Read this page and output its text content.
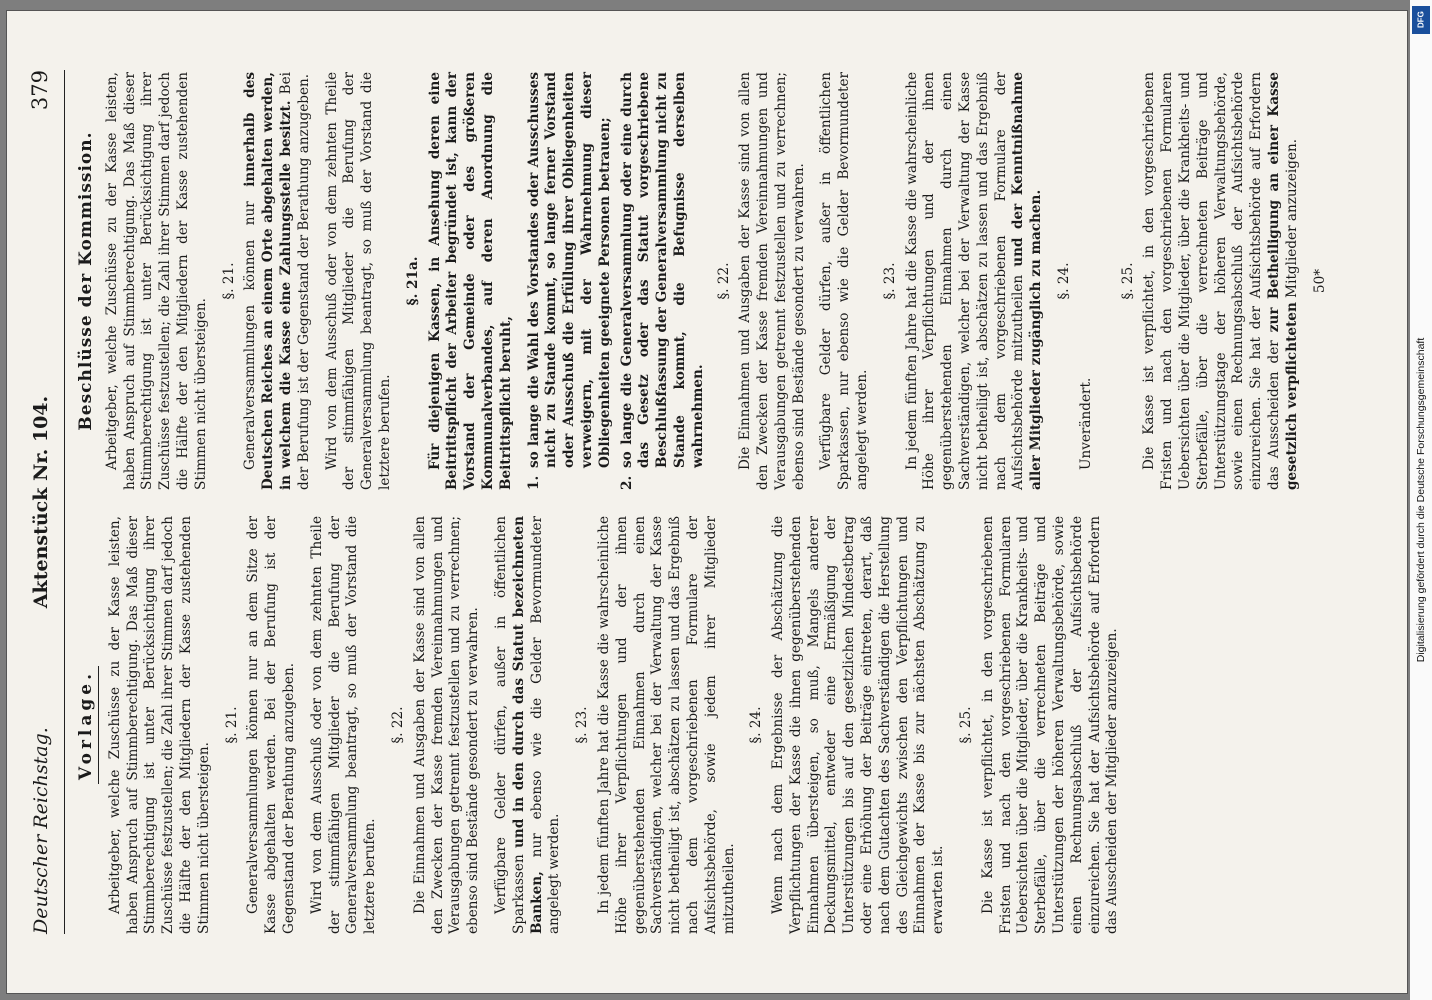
Deutscher Reichstag.
Aktenstück Nr. 104.
379
Vorlage. Arbeitgeber, welche Zuschüsse zu der Kasse leisten, haben Anspruch auf Stimmberechtigung. Das Maß dieser Stimmberechtigung ist unter Berücksichtigung ihrer Zuschüsse festzustellen; die Zahl ihrer Stimmen darf jedoch die Hälfte der den Mitgliedern der Kasse zustehenden Stimmen nicht übersteigen.

§. 21. Generalversammlungen können nur an dem Sitze der Kasse abgehalten werden. Bei der Berufung ist der Gegenstand der Berathung anzugeben. Wird von dem Ausschuß oder von dem zehnten Theile der stimmfähigen Mitglieder die Berufung der Generalversammlung beantragt, so muß der Vorstand die letztere berufen.

§. 22. Die Einnahmen und Ausgaben der Kasse sind von allen den Zwecken der Kasse fremden Vereinnahmungen und Verausgabungen getrennt festzustellen und zu verrechnen; ebenso sind Bestände gesondert zu verwahren. Verfügbare Gelder dürfen, außer in öffentlichen Sparkassen und in den durch das Statut bezeichneten Banken, nur ebenso wie die Gelder Bevormundeter angelegt werden.

§. 23. In jedem fünften Jahre hat die Kasse die wahrscheinliche Höhe ihrer Verpflichtungen und der ihnen gegenüberstehenden Einnahmen durch einen Sachverständigen, welcher bei der Verwaltung der Kasse nicht betheiligt ist, abschätzen zu lassen und das Ergebniß nach dem vorgeschriebenen Formulare der Aufsichtsbehörde, sowie jedem ihrer Mitglieder mitzutheilen.

§. 24. Wenn nach dem Ergebnisse der Abschätzung die Verpflichtungen der Kasse die ihnen gegenüberstehenden Einnahmen übersteigen, so muß, Mangels anderer Deckungsmittel, entweder eine Ermäßigung der Unterstützungen bis auf den gesetzlichen Mindestbetrag oder eine Erhöhung der Beiträge eintreten, derart, daß nach dem Gutachten des Sachverständigen die Herstellung des Gleichgewichts zwischen den Verpflichtungen und Einnahmen der Kasse bis zur nächsten Abschätzung zu erwarten ist.

§. 25. Die Kasse ist verpflichtet, in den vorgeschriebenen Fristen und nach den vorgeschriebenen Formularen Uebersichten über die Mitglieder, über die Krankheits- und Sterbefälle, über die verrechneten Beiträge und Unterstützungen der höheren Verwaltungsbehörde, sowie einen Rechnungsabschluß der Aufsichtsbehörde einzureichen. Sie hat der Aufsichtsbehörde auf Erfordern das Ausscheiden der Mitglieder anzuzeigen.

Beschlüsse der Kommission. Arbeitgeber, welche Zuschüsse zu der Kasse leisten, haben Anspruch auf Stimmberechtigung. Das Maß dieser Stimmberechtigung ist unter Berücksichtigung ihrer Zuschüsse festzustellen; die Zahl ihrer Stimmen darf jedoch die Hälfte der den Mitgliedern der Kasse zustehenden Stimmen nicht übersteigen.

§. 21. Generalversammlungen können nur innerhalb des Deutschen Reiches an einem Orte abgehalten werden, in welchem die Kasse eine Zahlungsstelle besitzt. Bei der Berufung ist der Gegenstand der Berathung anzugeben. Wird von dem Ausschuß oder von dem zehnten Theile der stimmfähigen Mitglieder die Berufung der Generalversammlung beantragt, so muß der Vorstand die letztere berufen.

§. 21a. Für diejenigen Kassen, in Ansehung deren eine Beitrittspflicht der Arbeiter begründet ist, kann der Vorstand der Gemeinde oder des größeren Kommunalverbandes, auf deren Anordnung die Beitrittspflicht beruht, 1.so lange die Wahl des Vorstandes oder Ausschusses nicht zu Stande kommt, so lange ferner Vorstand oder Ausschuß die Erfüllung ihrer Obliegenheiten verweigern, mit der Wahrnehmung dieser Obliegenheiten geeignete Personen betrauen;
2.so lange die Generalversammlung oder eine durch das Gesetz oder das Statut vorgeschriebene Beschlußfassung der Generalversammlung nicht zu Stande kommt, die Befugnisse derselben wahrnehmen.
§. 22. Die Einnahmen und Ausgaben der Kasse sind von allen den Zwecken der Kasse fremden Vereinnahmungen und Verausgabungen getrennt festzustellen und zu verrechnen; ebenso sind Bestände gesondert zu verwahren. Verfügbare Gelder dürfen, außer in öffentlichen Sparkassen, nur ebenso wie die Gelder Bevormundeter angelegt werden.

§. 23. In jedem fünften Jahre hat die Kasse die wahrscheinliche Höhe ihrer Verpflichtungen und der ihnen gegenüberstehenden Einnahmen durch einen Sachverständigen, welcher bei der Verwaltung der Kasse nicht betheiligt ist, abschätzen zu lassen und das Ergebniß nach dem vorgeschriebenen Formulare der Aufsichtsbehörde mitzutheilen und der Kenntnißnahme aller Mitglieder zugänglich zu machen. §. 24.

Unverändert.

§. 25. Die Kasse ist verpflichtet, in den vorgeschriebenen Fristen und nach den vorgeschriebenen Formularen Uebersichten über die Mitglieder, über die Krankheits- und Sterbefälle, über die verrechneten Beiträge und Unterstützungstage der höheren Verwaltungsbehörde, sowie einen Rechnungsabschluß der Aufsichtsbehörde einzureichen. Sie hat der Aufsichtsbehörde auf Erfordern das Ausscheiden der zur Betheiligung an einer Kasse gesetzlich verpflichteten Mitglieder anzuzeigen. 50*
Digitalisierung gefördert durch die Deutsche Forschungsgemeinschaft
DFG
